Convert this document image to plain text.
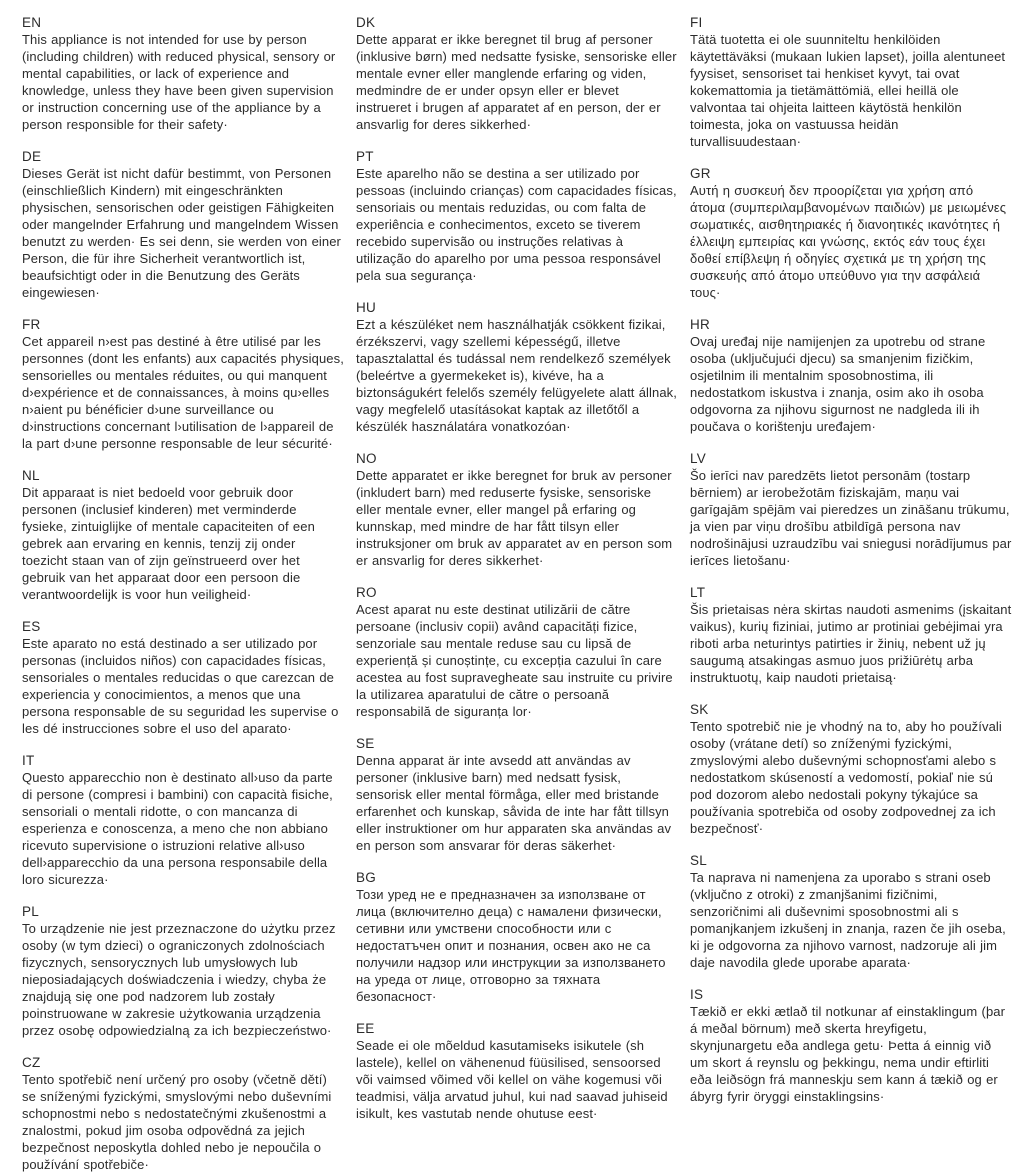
EN
This appliance is not intended for use by person (including children) with reduced physical, sensory or mental capabilities, or lack of experience and knowledge, unless they have been given supervision or instruction concerning use of the appliance by a person responsible for their safety·
DE
Dieses Gerät ist nicht dafür bestimmt, von Personen (einschließlich Kindern) mit eingeschränkten physischen, sensorischen oder geistigen Fähigkeiten oder mangelnder Erfahrung und mangelndem Wissen benutzt zu werden· Es sei denn, sie werden von einer Person, die für ihre Sicherheit verantwortlich ist, beaufsichtigt oder in die Benutzung des Geräts eingewiesen·
FR
Cet appareil n›est pas destiné à être utilisé par les personnes (dont les enfants) aux capacités physiques, sensorielles ou mentales réduites, ou qui manquent d›expérience et de connaissances, à moins qu›elles n›aient pu bénéficier d›une surveillance ou d›instructions concernant l›utilisation de l›appareil de la part d›une personne responsable de leur sécurité·
NL
Dit apparaat is niet bedoeld voor gebruik door personen (inclusief kinderen) met verminderde fysieke, zintuiglijke of mentale capaciteiten of een gebrek aan ervaring en kennis, tenzij zij onder toezicht staan van of zijn geïnstrueerd over het gebruik van het apparaat door een persoon die verantwoordelijk is voor hun veiligheid·
ES
Este aparato no está destinado a ser utilizado por personas (incluidos niños) con capacidades físicas, sensoriales o mentales reducidas o que carezcan de experiencia y conocimientos, a menos que una persona responsable de su seguridad les supervise o les dé instrucciones sobre el uso del aparato·
IT
Questo apparecchio non è destinato all›uso da parte di persone (compresi i bambini) con capacità fisiche, sensoriali o mentali ridotte, o con mancanza di esperienza e conoscenza, a meno che non abbiano ricevuto supervisione o istruzioni relative all›uso dell›apparecchio da una persona responsabile della loro sicurezza·
PL
To urządzenie nie jest przeznaczone do użytku przez osoby (w tym dzieci) o ograniczonych zdolnościach fizycznych, sensorycznych lub umysłowych lub nieposiadających doświadczenia i wiedzy, chyba że znajdują się one pod nadzorem lub zostały poinstruowane w zakresie użytkowania urządzenia przez osobę odpowiedzialną za ich bezpieczeństwo·
CZ
Tento spotřebič není určený pro osoby (včetně dětí) se sníženými fyzickými, smyslovými nebo duševními schopnostmi nebo s nedostatečnými zkušenostmi a znalostmi, pokud jim osoba odpovědná za jejich bezpečnost neposkytla dohled nebo je nepoučila o používání spotřebiče·
DK
Dette apparat er ikke beregnet til brug af personer (inklusive børn) med nedsatte fysiske, sensoriske eller mentale evner eller manglende erfaring og viden, medmindre de er under opsyn eller er blevet instrueret i brugen af apparatet af en person, der er ansvarlig for deres sikkerhed·
PT
Este aparelho não se destina a ser utilizado por pessoas (incluindo crianças) com capacidades físicas, sensoriais ou mentais reduzidas, ou com falta de experiência e conhecimentos, exceto se tiverem recebido supervisão ou instruções relativas à utilização do aparelho por uma pessoa responsável pela sua segurança·
HU
Ezt a készüléket nem használhatják csökkent fizikai, érzékszervi, vagy szellemi képességű, illetve tapasztalattal és tudással nem rendelkező személyek (beleértve a gyermekeket is), kivéve, ha a biztonságukért felelős személy felügyelete alatt állnak, vagy megfelelő utasításokat kaptak az illetőtől a készülék használatára vonatkozóan·
NO
Dette apparatet er ikke beregnet for bruk av personer (inkludert barn) med reduserte fysiske, sensoriske eller mentale evner, eller mangel på erfaring og kunnskap, med mindre de har fått tilsyn eller instruksjoner om bruk av apparatet av en person som er ansvarlig for deres sikkerhet·
RO
Acest aparat nu este destinat utilizării de către persoane (inclusiv copii) având capacități fizice, senzoriale sau mentale reduse sau cu lipsă de experiență și cunoștințe, cu excepția cazului în care acestea au fost supravegheate sau instruite cu privire la utilizarea aparatului de către o persoană responsabilă de siguranța lor·
SE
Denna apparat är inte avsedd att användas av personer (inklusive barn) med nedsatt fysisk, sensorisk eller mental förmåga, eller med bristande erfarenhet och kunskap, såvida de inte har fått tillsyn eller instruktioner om hur apparaten ska användas av en person som ansvarar för deras säkerhet·
BG
Този уред не е предназначен за използване от лица (включително деца) с намалени физически, сетивни или умствени способности или с недостатъчен опит и познания, освен ако не са получили надзор или инструкции за използването на уреда от лице, отговорно за тяхната безопасност·
EE
Seade ei ole mõeldud kasutamiseks isikutele (sh lastele), kellel on vähenenud füüsilised, sensoorsed või vaimsed võimed või kellel on vähe kogemusi või teadmisi, välja arvatud juhul, kui nad saavad juhiseid isikult, kes vastutab nende ohutuse eest·
FI
Tätä tuotetta ei ole suunniteltu henkilöiden käytettäväksi (mukaan lukien lapset), joilla alentuneet fyysiset, sensoriset tai henkiset kyvyt, tai ovat kokemattomia ja tietämättömiä, ellei heillä ole valvontaa tai ohjeita laitteen käytöstä henkilön toimesta, joka on vastuussa heidän turvallisuudestaan·
GR
Αυτή η συσκευή δεν προορίζεται για χρήση από άτομα (συμπεριλαμβανομένων παιδιών) με μειωμένες σωματικές, αισθητηριακές ή διανοητικές ικανότητες ή έλλειψη εμπειρίας και γνώσης, εκτός εάν τους έχει δοθεί επίβλεψη ή οδηγίες σχετικά με τη χρήση της συσκευής από άτομο υπεύθυνο για την ασφάλειά τους·
HR
Ovaj uređaj nije namijenjen za upotrebu od strane osoba (uključujući djecu) sa smanjenim fizičkim, osjetilnim ili mentalnim sposobnostima, ili nedostatkom iskustva i znanja, osim ako ih osoba odgovorna za njihovu sigurnost ne nadgleda ili ih poučava o korištenju uređajem·
LV
Šo ierīci nav paredzēts lietot personām (tostarp bērniem) ar ierobežotām fiziskajām, maņu vai garīgajām spējām vai pieredzes un zināšanu trūkumu, ja vien par viņu drošību atbildīgā persona nav nodrošinājusi uzraudzību vai sniegusi norādījumus par ierīces lietošanu·
LT
Šis prietaisas nėra skirtas naudoti asmenims (įskaitant vaikus), kurių fiziniai, jutimo ar protiniai gebėjimai yra riboti arba neturintys patirties ir žinių, nebent už jų saugumą atsakingas asmuo juos prižiūrėtų arba instruktuotų, kaip naudoti prietaisą·
SK
Tento spotrebič nie je vhodný na to, aby ho používali osoby (vrátane detí) so zníženými fyzickými, zmyslovými alebo duševnými schopnosťami alebo s nedostatkom skúseností a vedomostí, pokiaľ nie sú pod dozorom alebo nedostali pokyny týkajúce sa používania spotrebiča od osoby zodpovednej za ich bezpečnosť·
SL
Ta naprava ni namenjena za uporabo s strani oseb (vključno z otroki) z zmanjšanimi fizičnimi, senzoričnimi ali duševnimi sposobnostmi ali s pomanjkanjem izkušenj in znanja, razen če jih oseba, ki je odgovorna za njihovo varnost, nadzoruje ali jim daje navodila glede uporabe aparata·
IS
Tækið er ekki ætlað til notkunar af einstaklingum (þar á meðal börnum) með skerta hreyfigetu, skynjunargetu eða andlega getu· Þetta á einnig við um skort á reynslu og þekkingu, nema undir eftirliti eða leiðsögn frá manneskju sem kann á tækið og er ábyrg fyrir öryggi einstaklingsins·
